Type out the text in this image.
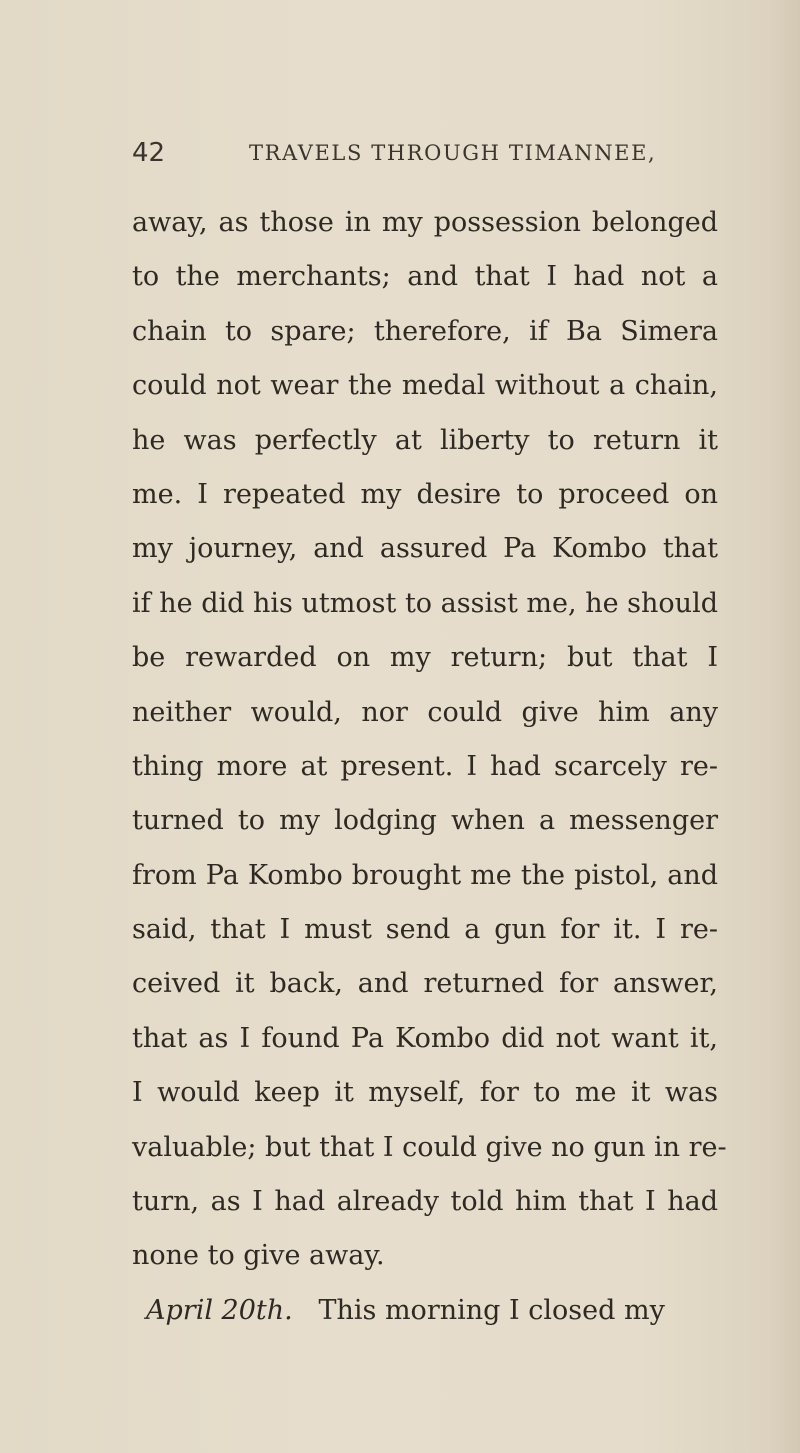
42	TRAVELS THROUGH TIMANNEE,
away, as those in my possession belonged
to the merchants; and that I had not a
chain to spare; therefore, if Ba Simera
could not wear the medal without a chain,
he was perfectly at liberty to return it
me. I repeated my desire to proceed on
my journey, and assured Pa Kombo that
if he did his utmost to assist me, he should
be rewarded on my return; but that I
neither would, nor could give him any
thing more at present. I had scarcely re-
turned to my lodging when a messenger
from Pa Kombo brought me the pistol, and
said, that I must send a gun for it. I re-
ceived it back, and returned for answer,
that as I found Pa Kombo did not want it,
I would keep it myself, for to me it was
valuable; but that I could give no gun in re-
turn, as I had already told him that I had
none to give away.
April 20th. This morning I closed my
